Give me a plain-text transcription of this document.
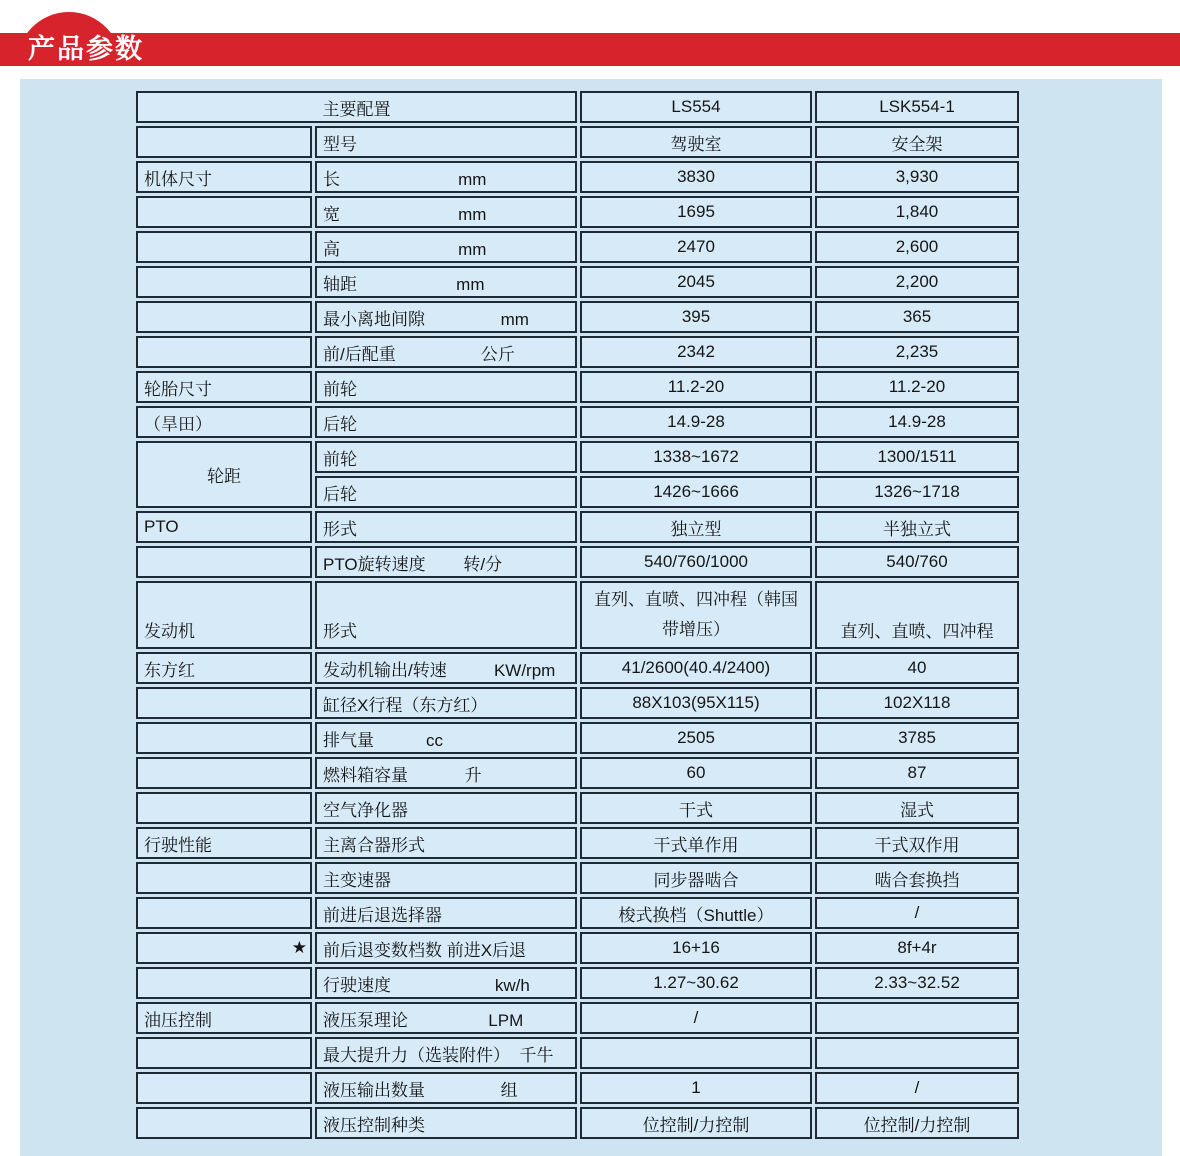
产品参数
主要配置		LS554	LSK554-1
	型号	驾驶室	安全架
机体尺寸	长                         mm	3830	3,930
	宽                         mm	1695	1,840
	高                         mm	2470	2,600
	轴距                     mm	2045	2,200
	最小离地间隙                mm	395	365
	前/后配重                  公斤	2342	2,235
轮胎尺寸	前轮	11.2-20	11.2-20
（旱田）	后轮	14.9-28	14.9-28
轮距	前轮	1338~1672	1300/1511
	后轮	1426~1666	1326~1718
PTO	形式	独立型	半独立式
	PTO旋转速度        转/分	540/760/1000	540/760
发动机	形式	直列、直喷、四冲程（韩国带增压）	直列、直喷、四冲程
东方红	发动机输出/转速          KW/rpm	41/2600(40.4/2400)	40
	缸径X行程（东方红）	88X103(95X115)	102X118
	排气量           cc	2505	3785
	燃料箱容量            升	60	87
	空气净化器	干式	湿式
行驶性能	主离合器形式	干式单作用	干式双作用
	主变速器	同步器啮合	啮合套换挡
	前进后退选择器	梭式换档（Shuttle）	/
★	前后退变数档数 前进X后退	16+16	8f+4r
	行驶速度                      kw/h	1.27~30.62	2.33~32.52
油压控制	液压泵理论                 LPM	/	
	最大提升力（选装附件）  千牛		
	液压输出数量                组	1	/
	液压控制种类	位控制/力控制	位控制/力控制
